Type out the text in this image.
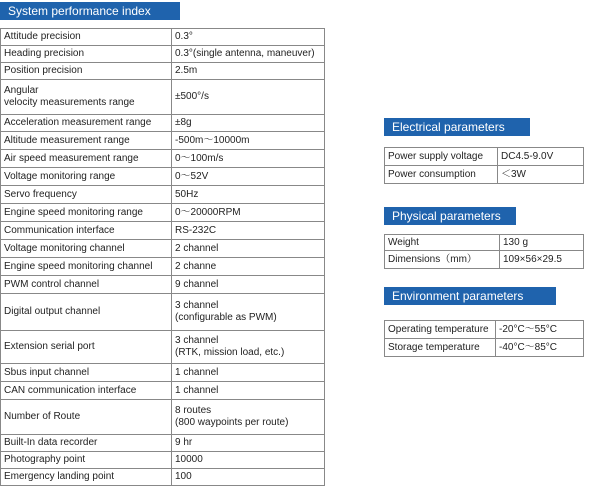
System performance index
Attitude precision	0.3°
Heading precision	0.3°(single antenna, maneuver)
Position precision	2.5m

Angular
velocity measurements range	±500°/s
Acceleration measurement range	±8g
Altitude measurement range	-500m～10000m
Air speed measurement range	0～100m/s
Voltage monitoring range	0～52V
Servo frequency	50Hz
Engine speed monitoring range	0～20000RPM
Communication interface	RS-232C
Voltage monitoring channel	2 channel
Engine speed monitoring channel	2 channe
PWM control channel	9 channel
Digital output channel	3 channel
(configurable as PWM)

Extension serial port	3 channel
(RTK, mission load, etc.)

Sbus input channel	1 channel
CAN communication interface	1 channel
Number of Route	8 routes
(800 waypoints per route)

Built-In data recorder	9 hr
Photography point	10000
Emergency landing point	100
Electrical parameters
Power supply voltage	DC4.5-9.0V
Power consumption	＜3W
Physical parameters
Weight	130 g
Dimensions（mm）	109×56×29.5
Environment parameters
Operating temperature	-20°C～55°C
Storage temperature	-40°C～85°C
